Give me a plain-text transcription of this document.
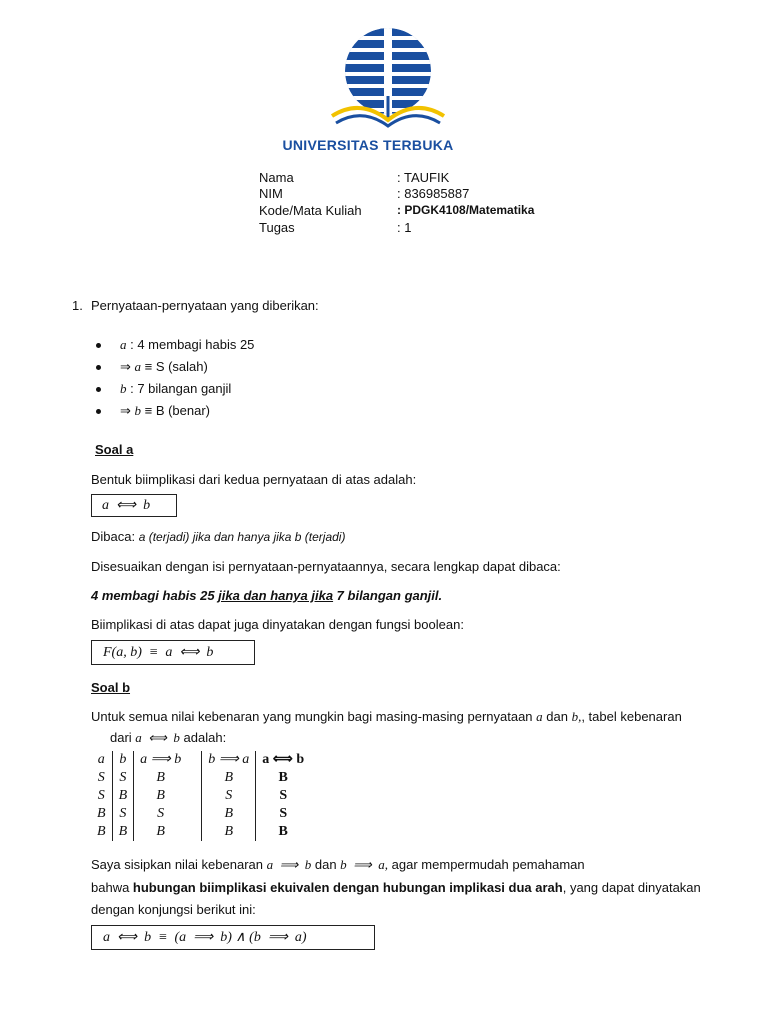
UNIVERSITAS TERBUKA
Nama	: TAUFIK
NIM	: 836985887
Kode/Mata Kuliah	: PDGK4108/Matematika
Tugas	: 1
1. Pernyataan-pernyataan yang diberikan:
a : 4 membagi habis 25
⇒ a ≡ S (salah)
b : 7 bilangan ganjil
⇒ b ≡ B (benar)
Soal a
Bentuk biimplikasi dari kedua pernyataan di atas adalah:
a  ⟺  b
Dibaca: a (terjadi) jika dan hanya jika b (terjadi)
Disesuaikan dengan isi pernyataan-pernyataannya, secara lengkap dapat dibaca:
4 membagi habis 25 jika dan hanya jika 7 bilangan ganjil.
Biimplikasi di atas dapat juga dinyatakan dengan fungsi boolean:
F(a, b)  ≡  a  ⟺  b
Soal b
Untuk semua nilai kebenaran yang mungkin bagi masing-masing pernyataan a dan b,, tabel kebenaran
dari a  ⟺  b adalah:
a	b	a ⟹ b	b ⟹ a	a ⟺ b
S	S	B	B	B
S	B	B	S	S
B	S	S	B	S
B	B	B	B	B
Saya sisipkan nilai kebenaran a  ⟹  b dan b  ⟹  a, agar mempermudah pemahaman
bahwa hubungan biimplikasi ekuivalen dengan hubungan implikasi dua arah, yang dapat dinyatakan
dengan konjungsi berikut ini:
a  ⟺  b  ≡  (a  ⟹  b) ∧ (b  ⟹  a)
